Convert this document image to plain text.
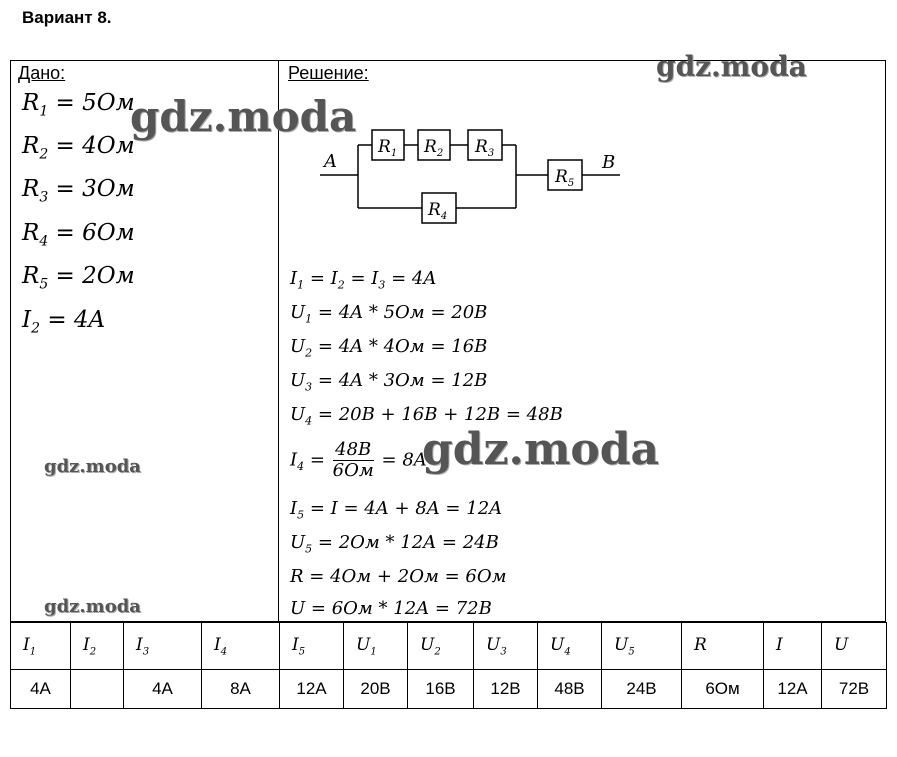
Вариант 8.
Дано:	Решение:
$R_1 = 5Ом$
$R_2 = 4Ом$
$R_3 = 3Ом$
$R_4 = 6Ом$
$R_5 = 2Ом$
$I_2 = 4A$
A	B
$R_1$ $R_2$ $R_3$
$R_4$
$R_5$
$I_1 = I_2 = I_3 = 4A$
$U_1 = 4A * 5Ом = 20B$
$U_2 = 4A * 4Ом = 16B$
$U_3 = 4A * 3Ом = 12B$
$U_4 = 20B + 16B + 12B = 48B$
$I_4 = \frac{48B}{6Ом} = 8A$
$I_5 = I = 4A + 8A = 12A$
$U_5 = 2Ом * 12A = 24B$
R = 4Ом + 2Ом = 6Ом
U = 6Ом * 12A = 72B
gdz.moda
gdz.moda
gdz.moda
gdz.moda
gdz.moda
$I_1$	$I_2$	$I_3$	$I_4$	$I_5$	$U_1$	$U_2$	$U_3$	$U_4$	$U_5$	R	I	U
4A		4A	8A	12A	20B	16B	12B	48B	24B	6Ом	12A	72B
